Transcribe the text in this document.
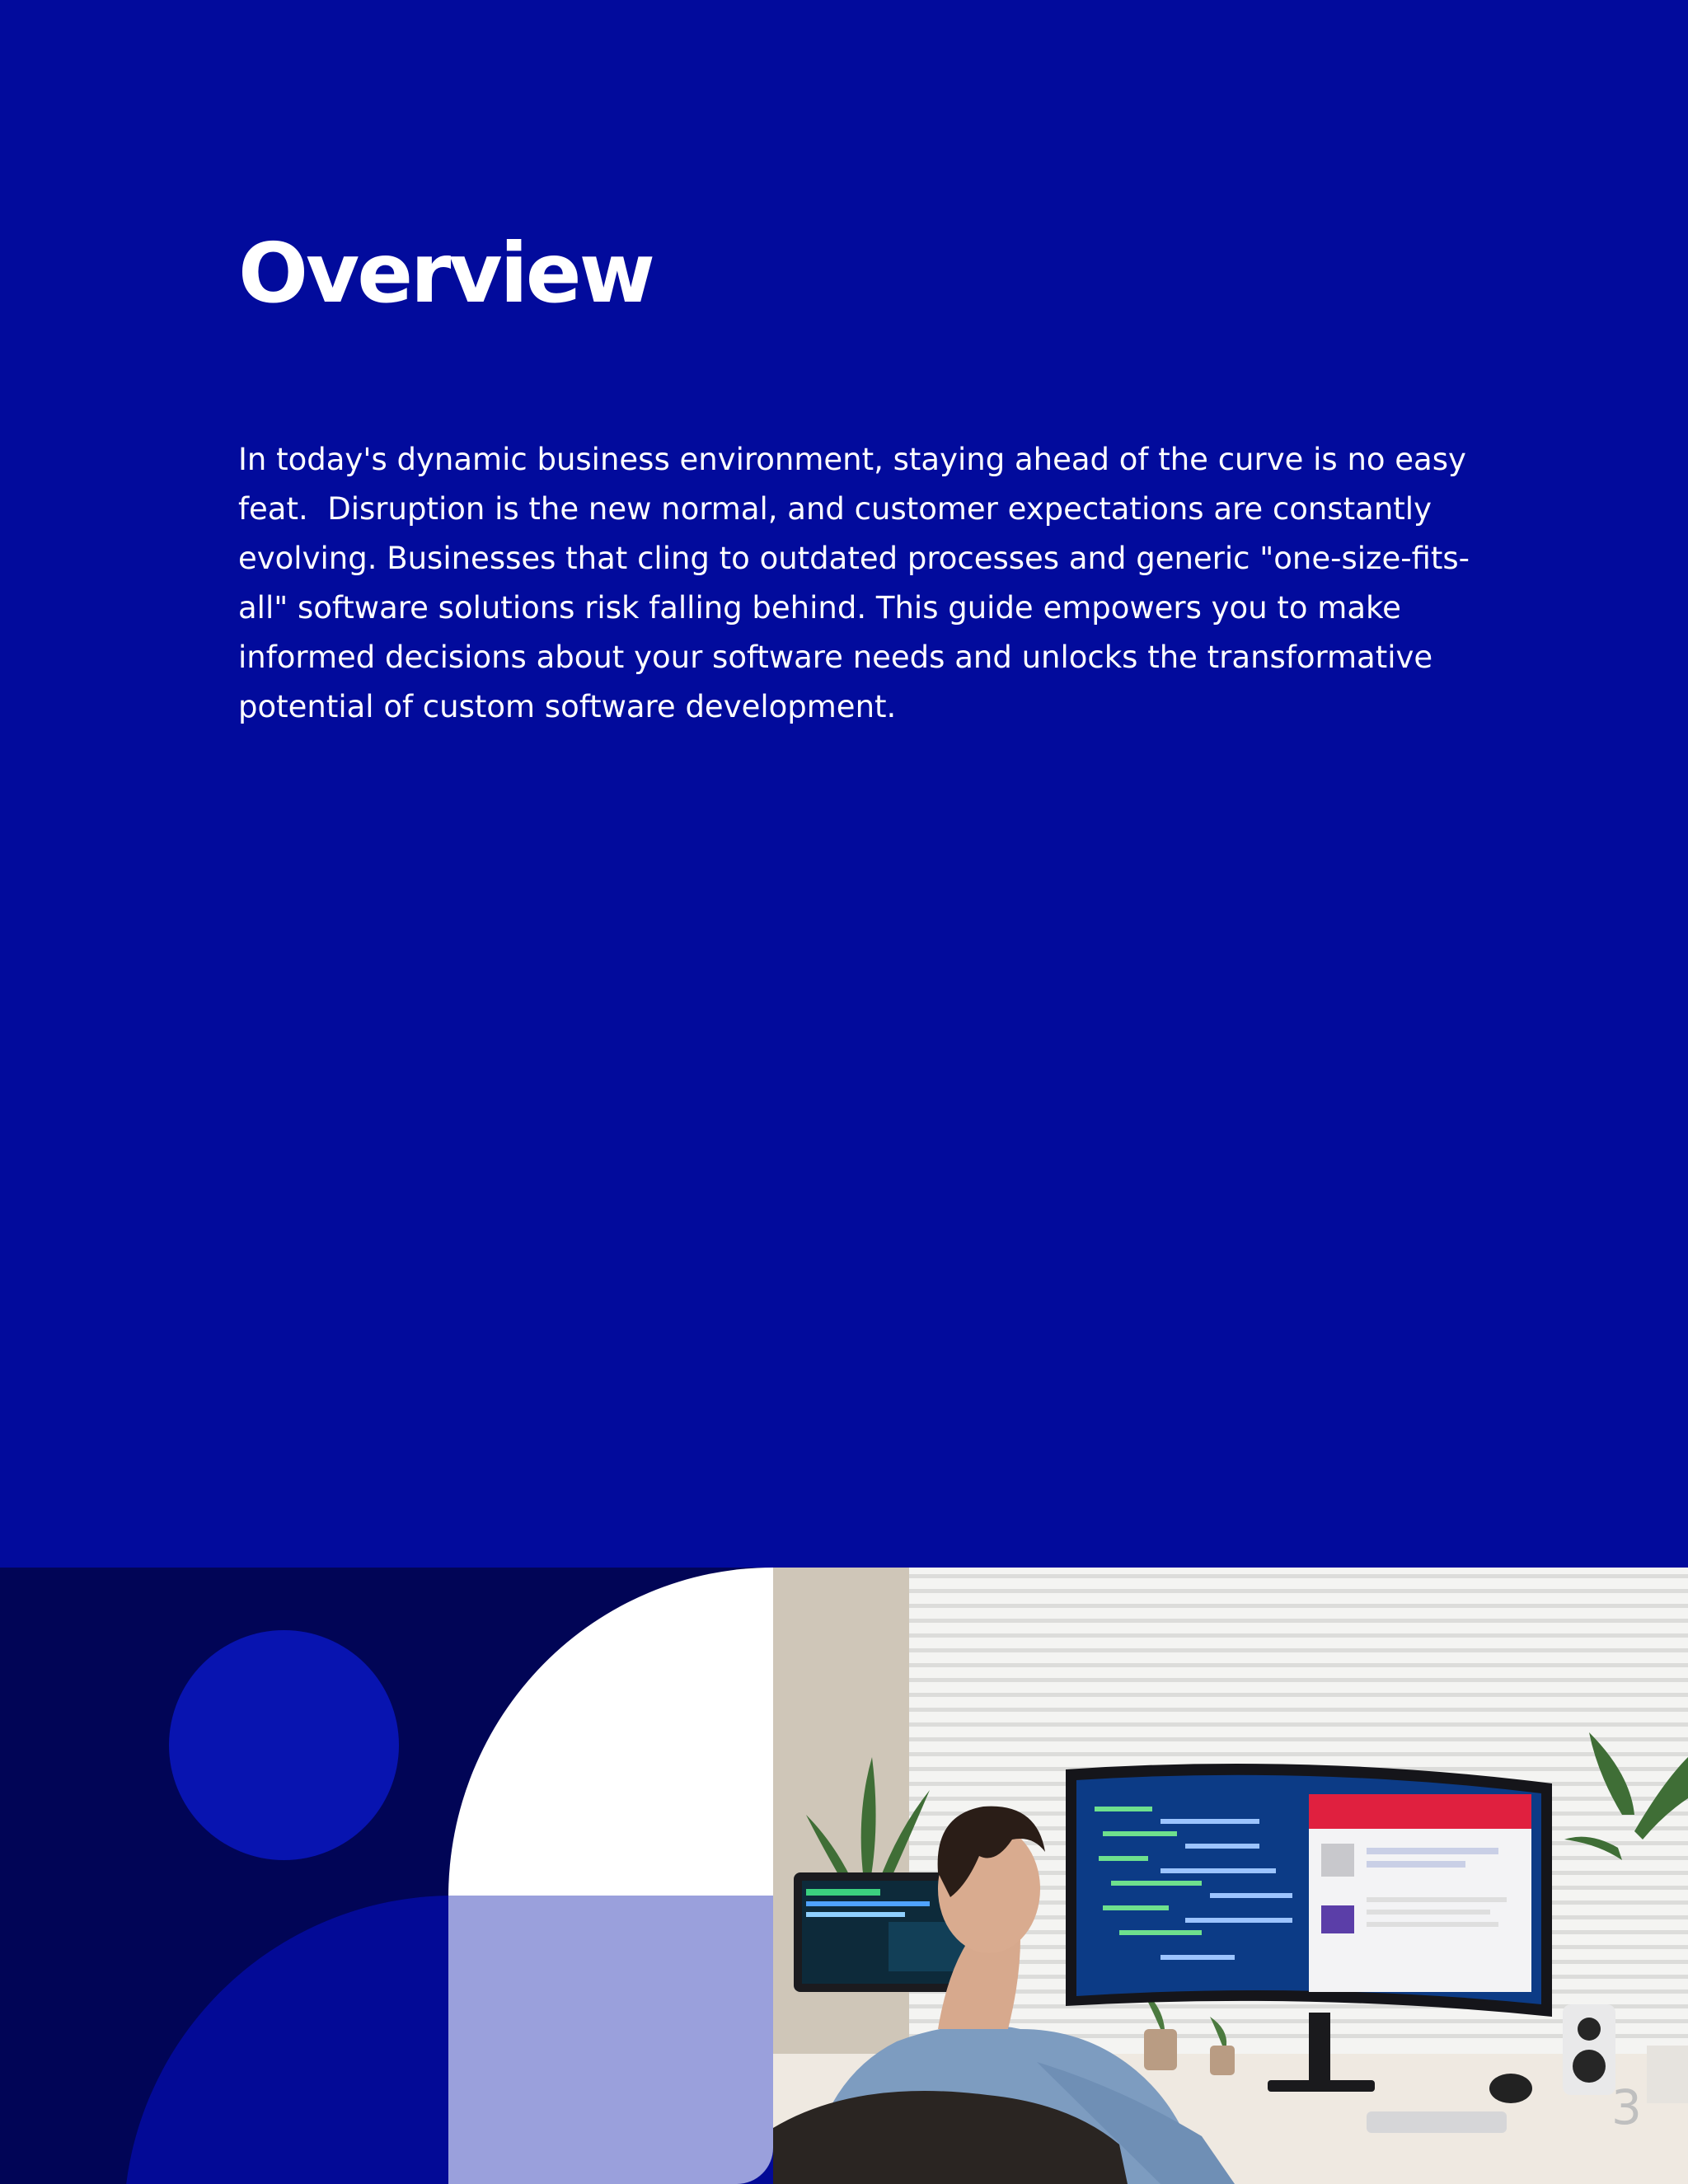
Overview

In today's dynamic business environment, staying ahead of the curve is no easy feat.  Disruption is the new normal, and customer expectations are constantly evolving. Businesses that cling to outdated processes and generic "one-size-fits-all" software solutions risk falling behind. This guide empowers you to make informed decisions about your software needs and unlocks the transformative potential of custom software development.

3
